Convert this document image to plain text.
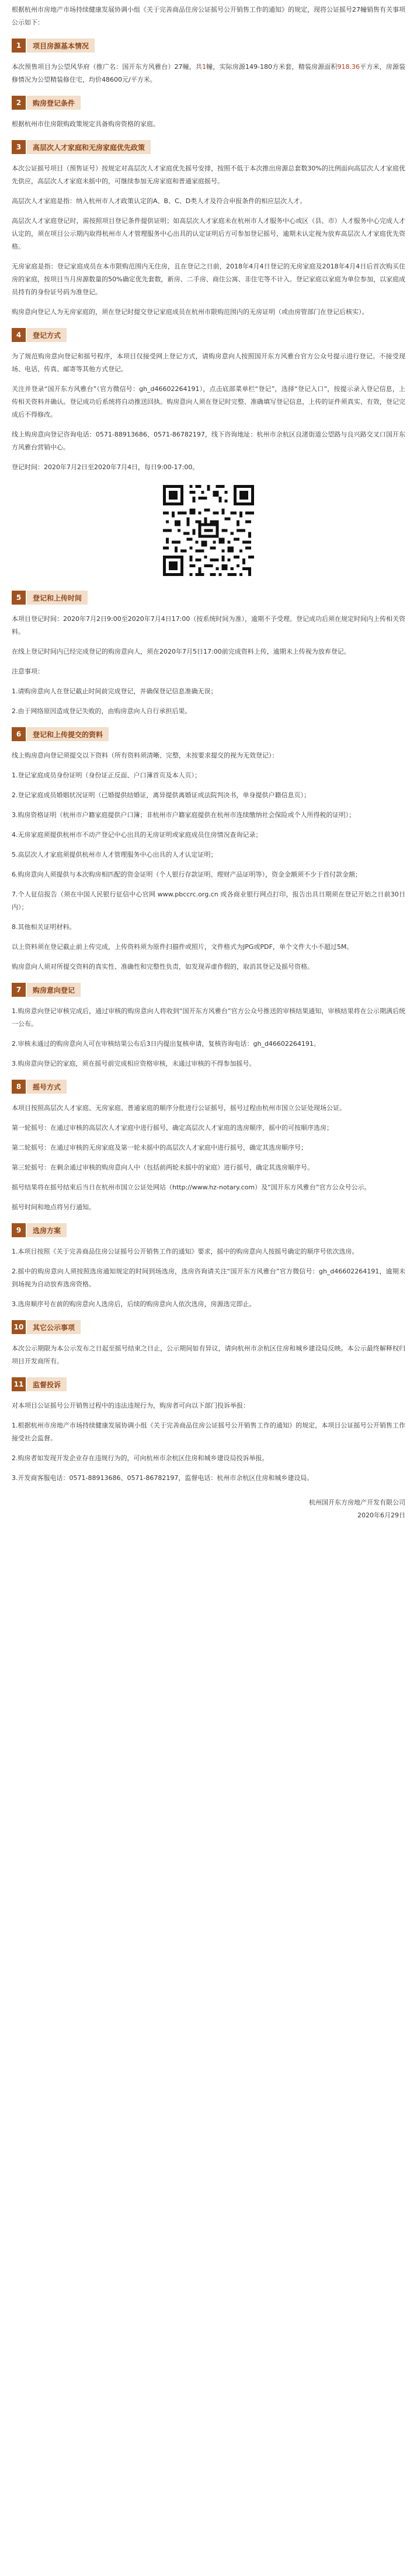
根据杭州市房地产市场持续健康发展协调小组《关于完善商品住房公证摇号公开销售工作的通知》的规定，现将公证摇号27幢销售有关事项公示如下：

1	项目房源基本情况

本次预售项目为公望风华府（推广名：国开东方风雅台）27幢，共1幢，实际房源149-180方米套，精装房源面积918.36平方米，房源装修情况为公望精装修住宅，均价48600元/平方米。

2	购房登记条件

根据杭州市住房限购政策规定具备购房资格的家庭。

3	高层次人才家庭和无房家庭优先政策

本次公证摇号项目（预售证号）按规定对高层次人才家庭优先摇号安排，按照不低于本次推出房源总套数30%的比例面向高层次人才家庭优先供应，高层次人才家庭未摇中的，可继续参加无房家庭和普通家庭摇号。

高层次人才家庭是指：纳入杭州市人才政策认定的A、B、C、D类人才及符合申报条件的相应层次人才。

高层次人才家庭登记时，需按照项目登记条件提供证明；如高层次人才家庭未在杭州市人才服务中心或区（县、市）人才服务中心完成人才认定的，须在项目公示期内取得杭州市人才管理服务中心出具的认定证明后方可参加登记摇号，逾期未认定视为放弃高层次人才家庭优先资格。

无房家庭是指：登记家庭成员在本市限购范围内无住房，且在登记之日前，2018年4月4日登记的无房家庭及2018年4月4日后首次购买住房的家庭，按项目当月房源数量的50%确定优先套数，新房、二手房、商住公寓、非住宅等不计入。登记家庭以家庭为单位参加，以家庭成员持有的身份证号码为准登记。

购房意向登记人为无房家庭的，须在登记时提交登记家庭成员在杭州市限购范围内的无房证明（或由房管部门在登记后核实）。

4	登记方式

为了规范购房意向登记和摇号程序，本项目仅接受网上登记方式，请购房意向人按照国开东方风雅台官方公众号提示进行登记。不接受现场、电话、传真、邮寄等其他方式登记。

关注并登录“国开东方风雅台”（官方微信号：gh_d46602264191），点击底部菜单栏“登记”，选择“登记入口”，按提示录入登记信息，上传相关资料并确认。登记成功后系统将自动推送回执。购房意向人须在登记时完整、准确填写登记信息，上传的证件须真实、有效，登记完成后不得修改。

线上购房意向登记咨询电话：0571-88913686、0571-86782197，线下咨询地址：杭州市余杭区良渚街道公望路与良兴路交叉口国开东方风雅台营销中心。

登记时间：2020年7月2日至2020年7月4日，每日9:00-17:00。

5	登记和上传时间

本项目登记时间：2020年7月2日9:00至2020年7月4日17:00（按系统时间为准），逾期不予受理。登记成功后须在规定时间内上传相关资料。

在线上登记时间内已经完成登记的购房意向人，须在2020年7月5日17:00前完成资料上传，逾期未上传视为放弃登记。

注意事项：

1.请购房意向人在登记截止时间前完成登记，并确保登记信息准确无误；

2.由于网络原因造成登记失败的，由购房意向人自行承担后果。

6	登记和上传提交的资料

线上购房意向登记须提交以下资料（所有资料须清晰、完整，未按要求提交的视为无效登记）：

1.登记家庭成员身份证明（身份证正反面、户口簿首页及本人页）；

2.登记家庭成员婚姻状况证明（已婚提供结婚证，离异提供离婚证或法院判决书，单身提供户籍信息页）；

3.购房资格证明（杭州市户籍家庭提供户口簿；非杭州市户籍家庭提供在杭州市连续缴纳社会保险或个人所得税的证明）；

4.无房家庭须提供杭州市不动产登记中心出具的无房证明或家庭成员住房情况查询记录；

5.高层次人才家庭须提供杭州市人才管理服务中心出具的人才认定证明；

6.购房意向人须提供与本次购房相匹配的资金证明（个人银行存款证明、理财产品证明等），资金金额须不少于首付款金额；

7.个人征信报告（须在中国人民银行征信中心官网 www.pbccrc.org.cn 或各商业银行网点打印，报告出具日期须在登记开始之日前30日内）；

8.其他相关证明材料。

以上资料须在登记截止前上传完成，上传资料须为原件扫描件或照片，文件格式为JPG或PDF，单个文件大小不超过5M。

购房意向人须对所提交资料的真实性、准确性和完整性负责，如发现弄虚作假的，取消其登记及摇号资格。

7	购房意向登记

1.购房意向登记审核完成后，通过审核的购房意向人将收到“国开东方风雅台”官方公众号推送的审核结果通知，审核结果将在公示期满后统一公布。

2.审核未通过的购房意向人可在审核结果公布后3日内提出复核申请，复核咨询电话：gh_d46602264191。

3.购房意向登记的家庭，须在摇号前完成相应资格审核，未通过审核的不得参加摇号。

8	摇号方式

本项目按照高层次人才家庭、无房家庭、普通家庭的顺序分批进行公证摇号，摇号过程由杭州市国立公证处现场公证。

第一轮摇号：在通过审核的高层次人才家庭中进行摇号，确定高层次人才家庭的选房顺序，摇中的可按顺序选房；

第二轮摇号：在通过审核的无房家庭及第一轮未摇中的高层次人才家庭中进行摇号，确定其选房顺序号；

第三轮摇号：在剩余通过审核的购房意向人中（包括前两轮未摇中的家庭）进行摇号，确定其选房顺序号。

摇号结果将在摇号结束后当日在杭州市国立公证处网站（http://www.hz-notary.com）及“国开东方风雅台”官方公众号公示。

摇号时间和地点将另行通知。

9	选房方案

1.本项目按照《关于完善商品住房公证摇号公开销售工作的通知》要求，摇中的购房意向人按摇号确定的顺序号依次选房。

2.摇中的购房意向人须按照选房通知规定的时间到场选房，选房咨询请关注“国开东方风雅台”官方微信号：gh_d46602264191，逾期未到场视为自动放弃选房资格。

3.选房顺序号在前的购房意向人选房后，后续的购房意向人依次选房，房源选完即止。

10	其它公示事项

本次公示期限为本公示发布之日起至摇号结束之日止，公示期间如有异议，请向杭州市余杭区住房和城乡建设局反映。本公示最终解释权归项目开发商所有。

11	监督投诉

对本项目公证摇号公开销售过程中的违法违规行为，购房者可向以下部门投诉举报：

1.根据杭州市房地产市场持续健康发展协调小组《关于完善商品住房公证摇号公开销售工作的通知》的规定，本项目公证摇号公开销售工作接受社会监督。

2.购房者如发现开发企业存在违规行为的，可向杭州市余杭区住房和城乡建设局投诉举报。

3.开发商客服电话：0571-88913686、0571-86782197，监督电话：杭州市余杭区住房和城乡建设局。

杭州国开东方房地产开发有限公司

2020年6月29日
